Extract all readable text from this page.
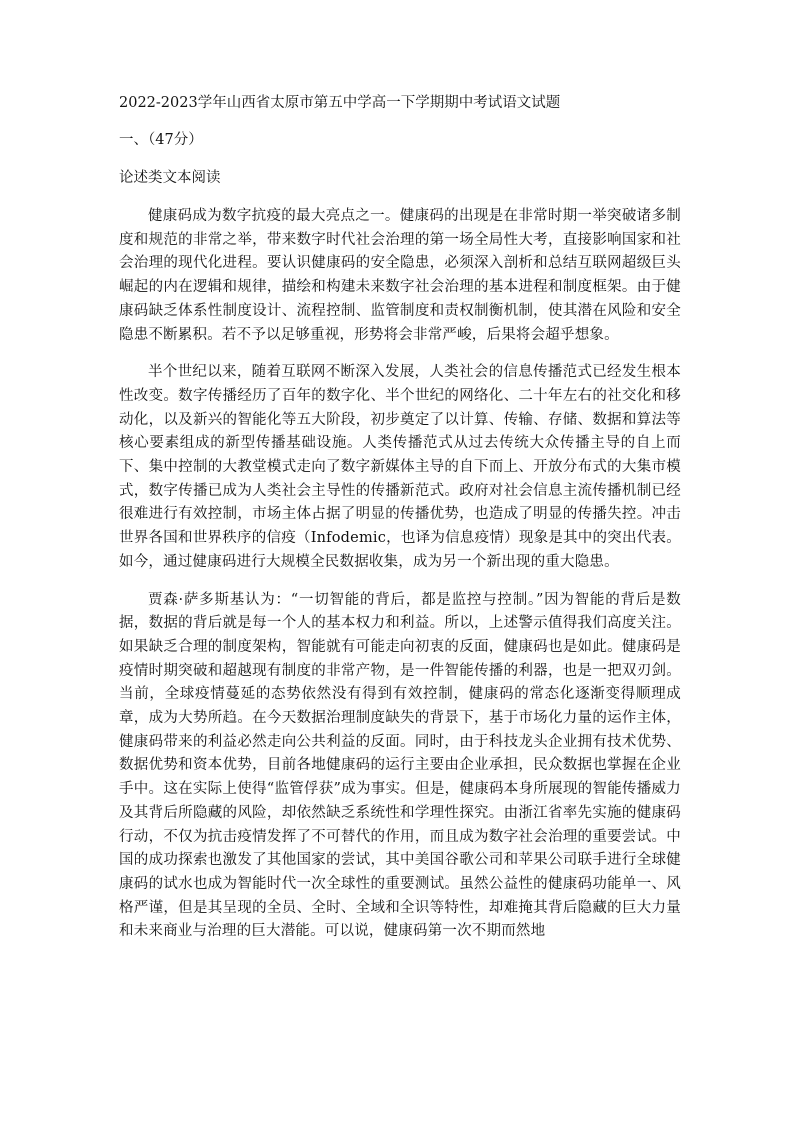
2022-2023学年山西省太原市第五中学高一下学期期中考试语文试题
一、（47分）
论述类文本阅读

健康码成为数字抗疫的最大亮点之一。健康码的出现是在非常时期一举突破诸多制度和规范的非常之举，带来数字时代社会治理的第一场全局性大考，直接影响国家和社会治理的现代化进程。要认识健康码的安全隐患，必须深入剖析和总结互联网超级巨头崛起的内在逻辑和规律，描绘和构建未来数字社会治理的基本进程和制度框架。由于健康码缺乏体系性制度设计、流程控制、监管制度和责权制衡机制，使其潜在风险和安全隐患不断累积。若不予以足够重视，形势将会非常严峻，后果将会超乎想象。

半个世纪以来，随着互联网不断深入发展，人类社会的信息传播范式已经发生根本性改变。数字传播经历了百年的数字化、半个世纪的网络化、二十年左右的社交化和移动化，以及新兴的智能化等五大阶段，初步奠定了以计算、传输、存储、数据和算法等核心要素组成的新型传播基础设施。人类传播范式从过去传统大众传播主导的自上而下、集中控制的大教堂模式走向了数字新媒体主导的自下而上、开放分布式的大集市模式，数字传播已成为人类社会主导性的传播新范式。政府对社会信息主流传播机制已经很难进行有效控制，市场主体占据了明显的传播优势，也造成了明显的传播失控。冲击世界各国和世界秩序的信疫（Infodemic，也译为信息疫情）现象是其中的突出代表。如今，通过健康码进行大规模全民数据收集，成为另一个新出现的重大隐患。

贾森·萨多斯基认为：“一切智能的背后，都是监控与控制。”因为智能的背后是数据，数据的背后就是每一个人的基本权力和利益。所以，上述警示值得我们高度关注。如果缺乏合理的制度架构，智能就有可能走向初衷的反面，健康码也是如此。健康码是疫情时期突破和超越现有制度的非常产物，是一件智能传播的利器，也是一把双刃剑。当前，全球疫情蔓延的态势依然没有得到有效控制，健康码的常态化逐渐变得顺理成章，成为大势所趋。在今天数据治理制度缺失的背景下，基于市场化力量的运作主体，健康码带来的利益必然走向公共利益的反面。同时，由于科技龙头企业拥有技术优势、数据优势和资本优势，目前各地健康码的运行主要由企业承担，民众数据也掌握在企业手中。这在实际上使得“监管俘获”成为事实。但是，健康码本身所展现的智能传播威力及其背后所隐藏的风险，却依然缺乏系统性和学理性探究。由浙江省率先实施的健康码行动，不仅为抗击疫情发挥了不可替代的作用，而且成为数字社会治理的重要尝试。中国的成功探索也激发了其他国家的尝试，其中美国谷歌公司和苹果公司联手进行全球健康码的试水也成为智能时代一次全球性的重要测试。虽然公益性的健康码功能单一、风格严谨，但是其呈现的全员、全时、全域和全识等特性，却难掩其背后隐藏的巨大力量和未来商业与治理的巨大潜能。可以说，健康码第一次不期而然地
